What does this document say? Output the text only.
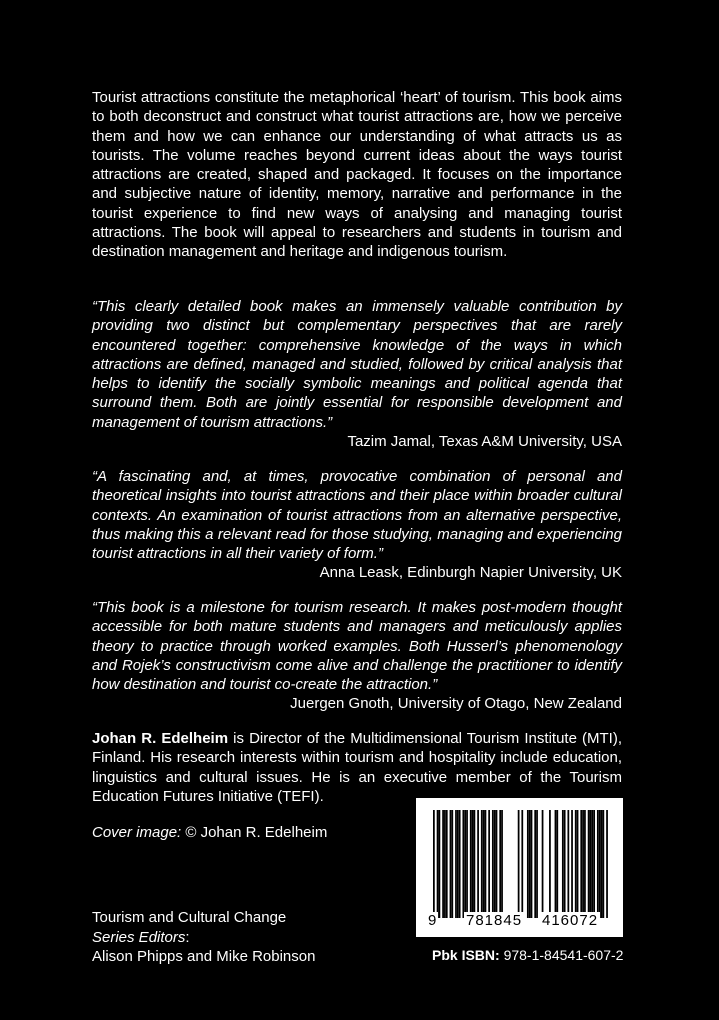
Tourist attractions constitute the metaphorical ‘heart’ of tourism. This book aims to both deconstruct and construct what tourist attractions are, how we perceive them and how we can enhance our understanding of what attracts us as tourists. The volume reaches beyond current ideas about the ways tourist attractions are created, shaped and packaged. It focuses on the importance and subjective nature of identity, memory, narrative and performance in the tourist experience to find new ways of analysing and managing tourist attractions. The book will appeal to researchers and students in tourism and destination management and heritage and indigenous tourism.

“This clearly detailed book makes an immensely valuable contribution by providing two distinct but complementary perspectives that are rarely encountered together: comprehensive knowledge of the ways in which attractions are defined, managed and studied, followed by critical analysis that helps to identify the socially symbolic meanings and political agenda that surround them. Both are jointly essential for responsible development and management of tourism attractions.”
Tazim Jamal, Texas A&M University, USA

“A fascinating and, at times, provocative combination of personal and theoretical insights into tourist attractions and their place within broader cultural contexts. An examination of tourist attractions from an alternative perspective, thus making this a relevant read for those studying, managing and experiencing tourist attractions in all their variety of form.”
Anna Leask, Edinburgh Napier University, UK

“This book is a milestone for tourism research. It makes post-modern thought accessible for both mature students and managers and meticulously applies theory to practice through worked examples. Both Husserl’s phenomenology and Rojek’s constructivism come alive and challenge the practitioner to identify how destination and tourist co-create the attraction.”
Juergen Gnoth, University of Otago, New Zealand

Johan R. Edelheim is Director of the Multidimensional Tourism Institute (MTI), Finland. His research interests within tourism and hospitality include education, linguistics and cultural issues. He is an executive member of the Tourism Education Futures Initiative (TEFI).

Cover image: © Johan R. Edelheim

Tourism and Cultural Change
Series Editors:
Alison Phipps and Mike Robinson

9 781845 416072

Pbk ISBN: 978-1-84541-607-2
